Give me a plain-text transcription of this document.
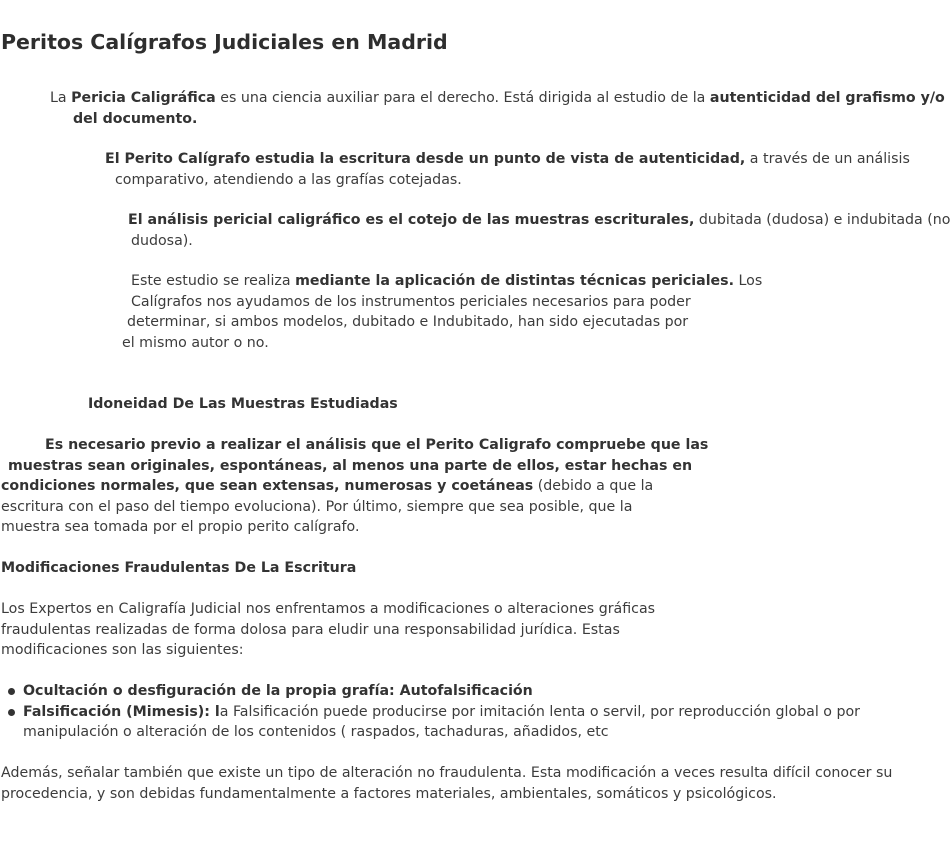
Peritos Calígrafos Judiciales en Madrid
La Pericia Caligráfica es una ciencia auxiliar para el derecho. Está dirigida al estudio de la autenticidad del grafismo y/o
del documento.
El Perito Calígrafo estudia la escritura desde un punto de vista de autenticidad, a través de un análisis
comparativo, atendiendo a las grafías cotejadas.
El análisis pericial caligráfico es el cotejo de las muestras escriturales, dubitada (dudosa) e indubitada (no
dudosa).
Este estudio se realiza mediante la aplicación de distintas técnicas periciales. Los
Calígrafos nos ayudamos de los instrumentos periciales necesarios para poder
determinar, si ambos modelos, dubitado e Indubitado, han sido ejecutadas por
el mismo autor o no.
Idoneidad De Las Muestras Estudiadas
Es necesario previo a realizar el análisis que el Perito Caligrafo compruebe que las
muestras sean originales, espontáneas, al menos una parte de ellos, estar hechas en
condiciones normales, que sean extensas, numerosas y coetáneas (debido a que la
escritura con el paso del tiempo evoluciona). Por último, siempre que sea posible, que la
muestra sea tomada por el propio perito calígrafo.
Modificaciones Fraudulentas De La Escritura
Los Expertos en Caligrafía Judicial nos enfrentamos a modificaciones o alteraciones gráficas
fraudulentas realizadas de forma dolosa para eludir una responsabilidad jurídica. Estas
modificaciones son las siguientes:
Ocultación o desfiguración de la propia grafía: Autofalsificación
Falsificación (Mimesis): la Falsificación puede producirse por imitación lenta o servil, por reproducción global o por
manipulación o alteración de los contenidos ( raspados, tachaduras, añadidos, etc
Además, señalar también que existe un tipo de alteración no fraudulenta. Esta modificación a veces resulta difícil conocer su
procedencia, y son debidas fundamentalmente a factores materiales, ambientales, somáticos y psicológicos.
